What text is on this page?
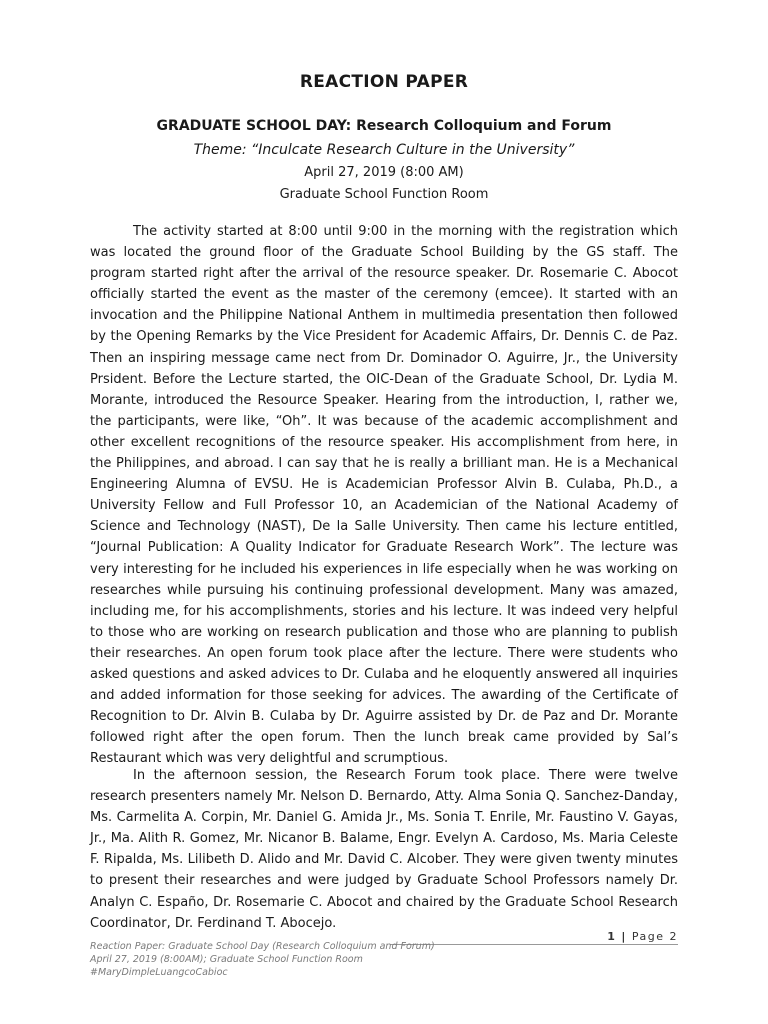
REACTION PAPER
GRADUATE SCHOOL DAY: Research Colloquium and Forum

Theme: “Inculcate Research Culture in the University”

April 27, 2019 (8:00 AM)

Graduate School Function Room

The activity started at 8:00 until 9:00 in the morning with the registration which was located the ground floor of the Graduate School Building by the GS staff. The program started right after the arrival of the resource speaker. Dr. Rosemarie C. Abocot officially started the event as the master of the ceremony (emcee). It started with an invocation and the Philippine National Anthem in multimedia presentation then followed by the Opening Remarks by the Vice President for Academic Affairs, Dr. Dennis C. de Paz. Then an inspiring message came nect from Dr. Dominador O. Aguirre, Jr., the University Prsident. Before the Lecture started, the OIC-Dean of the Graduate School, Dr. Lydia M. Morante, introduced the Resource Speaker. Hearing from the introduction, I, rather we, the participants, were like, “Oh”. It was because of the academic accomplishment and other excellent recognitions of the resource speaker. His accomplishment from here, in the Philippines, and abroad. I can say that he is really a brilliant man. He is a Mechanical Engineering Alumna of EVSU. He is Academician Professor Alvin B. Culaba, Ph.D., a University Fellow and Full Professor 10, an Academician of the National Academy of Science and Technology (NAST), De la Salle University. Then came his lecture entitled, “Journal Publication: A Quality Indicator for Graduate Research Work”. The lecture was very interesting for he included his experiences in life especially when he was working on researches while pursuing his continuing professional development. Many was amazed, including me, for his accomplishments, stories and his lecture. It was indeed very helpful to those who are working on research publication and those who are planning to publish their researches. An open forum took place after the lecture. There were students who asked questions and asked advices to Dr. Culaba and he eloquently answered all inquiries and added information for those seeking for advices. The awarding of the Certificate of Recognition to Dr. Alvin B. Culaba by Dr. Aguirre assisted by Dr. de Paz and Dr. Morante followed right after the open forum. Then the lunch break came provided by Sal’s Restaurant which was very delightful and scrumptious.

In the afternoon session, the Research Forum took place. There were twelve research presenters namely Mr. Nelson D. Bernardo, Atty. Alma Sonia Q. Sanchez-Danday, Ms. Carmelita A. Corpin, Mr. Daniel G. Amida Jr., Ms. Sonia T. Enrile, Mr. Faustino V. Gayas, Jr., Ma. Alith R. Gomez, Mr. Nicanor B. Balame, Engr. Evelyn A. Cardoso, Ms. Maria Celeste F. Ripalda, Ms. Lilibeth D. Alido and Mr. David C. Alcober. They were given twenty minutes to present their researches and were judged by Graduate School Professors namely Dr. Analyn C. Españo, Dr. Rosemarie C. Abocot and chaired by the Graduate School Research Coordinator, Dr. Ferdinand T. Abocejo.

1 | Page 2
Reaction Paper: Graduate School Day (Research Colloquium and Forum)
April 27, 2019 (8:00AM); Graduate School Function Room
#MaryDimpleLuangcoCabioc
